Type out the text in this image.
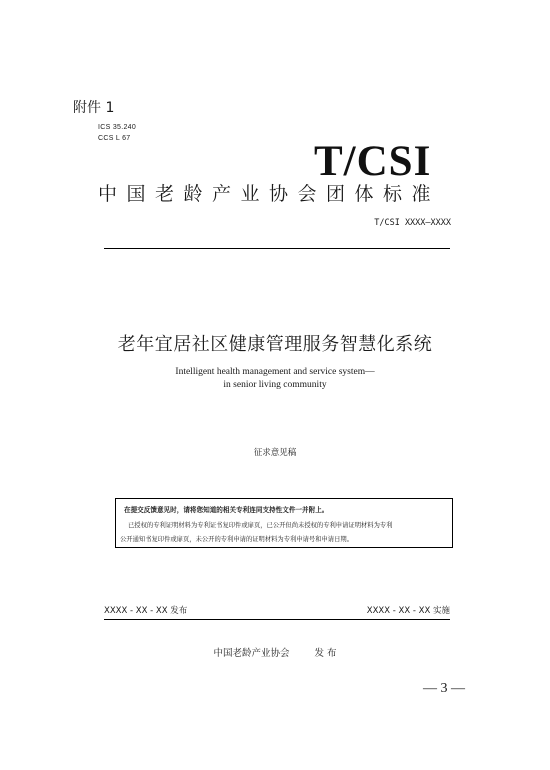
附件 1
ICS 35.240
CCS L 67	T/CSI
中国老龄产业协会团体标准
T/CSI XXXX—XXXX
老年宜居社区健康管理服务智慧化系统
Intelligent health management and service system—
in senior living community
征求意见稿
在提交反馈意见时，请将您知道的相关专利连同支持性文件一并附上。
已授权的专利证明材料为专利证书复印件或扉页，已公开但尚未授权的专利申请证明材料为专利
公开通知书复印件或扉页，未公开的专利申请的证明材料为专利申请号和申请日期。
XXXX - XX - XX 发布	XXXX - XX - XX 实施
中国老龄产业协会	发 布
— 3 —
